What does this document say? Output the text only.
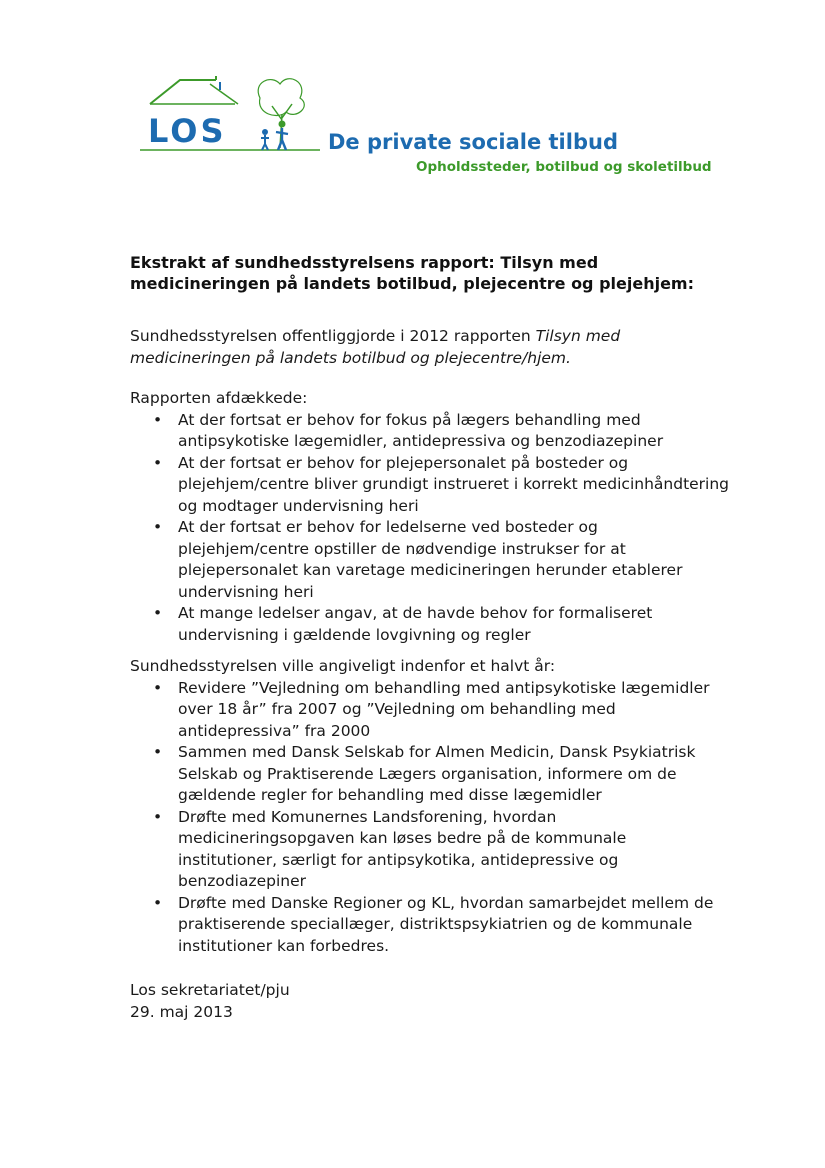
LOS	De private sociale tilbud
Opholdssteder, botilbud og skoletilbud
Ekstrakt af sundhedsstyrelsens rapport: Tilsyn med medicineringen på landets botilbud, plejecentre og plejehjem:
Sundhedsstyrelsen offentliggjorde i 2012 rapporten Tilsyn med medicineringen på landets botilbud og plejecentre/hjem.
Rapporten afdækkede:
• At der fortsat er behov for fokus på lægers behandling med antipsykotiske lægemidler, antidepressiva og benzodiazepiner
• At der fortsat er behov for plejepersonalet på bosteder og plejehjem/centre bliver grundigt instrueret i korrekt medicinhåndtering og modtager undervisning heri
• At der fortsat er behov for ledelserne ved bosteder og plejehjem/centre opstiller de nødvendige instrukser for at plejepersonalet kan varetage medicineringen herunder etablerer undervisning heri
• At mange ledelser angav, at de havde behov for formaliseret undervisning i gældende lovgivning og regler
Sundhedsstyrelsen ville angiveligt indenfor et halvt år:
• Revidere ”Vejledning om behandling med antipsykotiske lægemidler over 18 år” fra 2007 og ”Vejledning om behandling med antidepressiva” fra 2000
• Sammen med Dansk Selskab for Almen Medicin, Dansk Psykiatrisk Selskab og Praktiserende Lægers organisation, informere om de gældende regler for behandling med disse lægemidler
• Drøfte med Komunernes Landsforening, hvordan medicineringsopgaven kan løses bedre på de kommunale institutioner, særligt for antipsykotika, antidepressive og benzodiazepiner
• Drøfte med Danske Regioner og KL, hvordan samarbejdet mellem de praktiserende speciallæger, distriktspsykiatrien og de kommunale institutioner kan forbedres.
Los sekretariatet/pju
29. maj 2013
